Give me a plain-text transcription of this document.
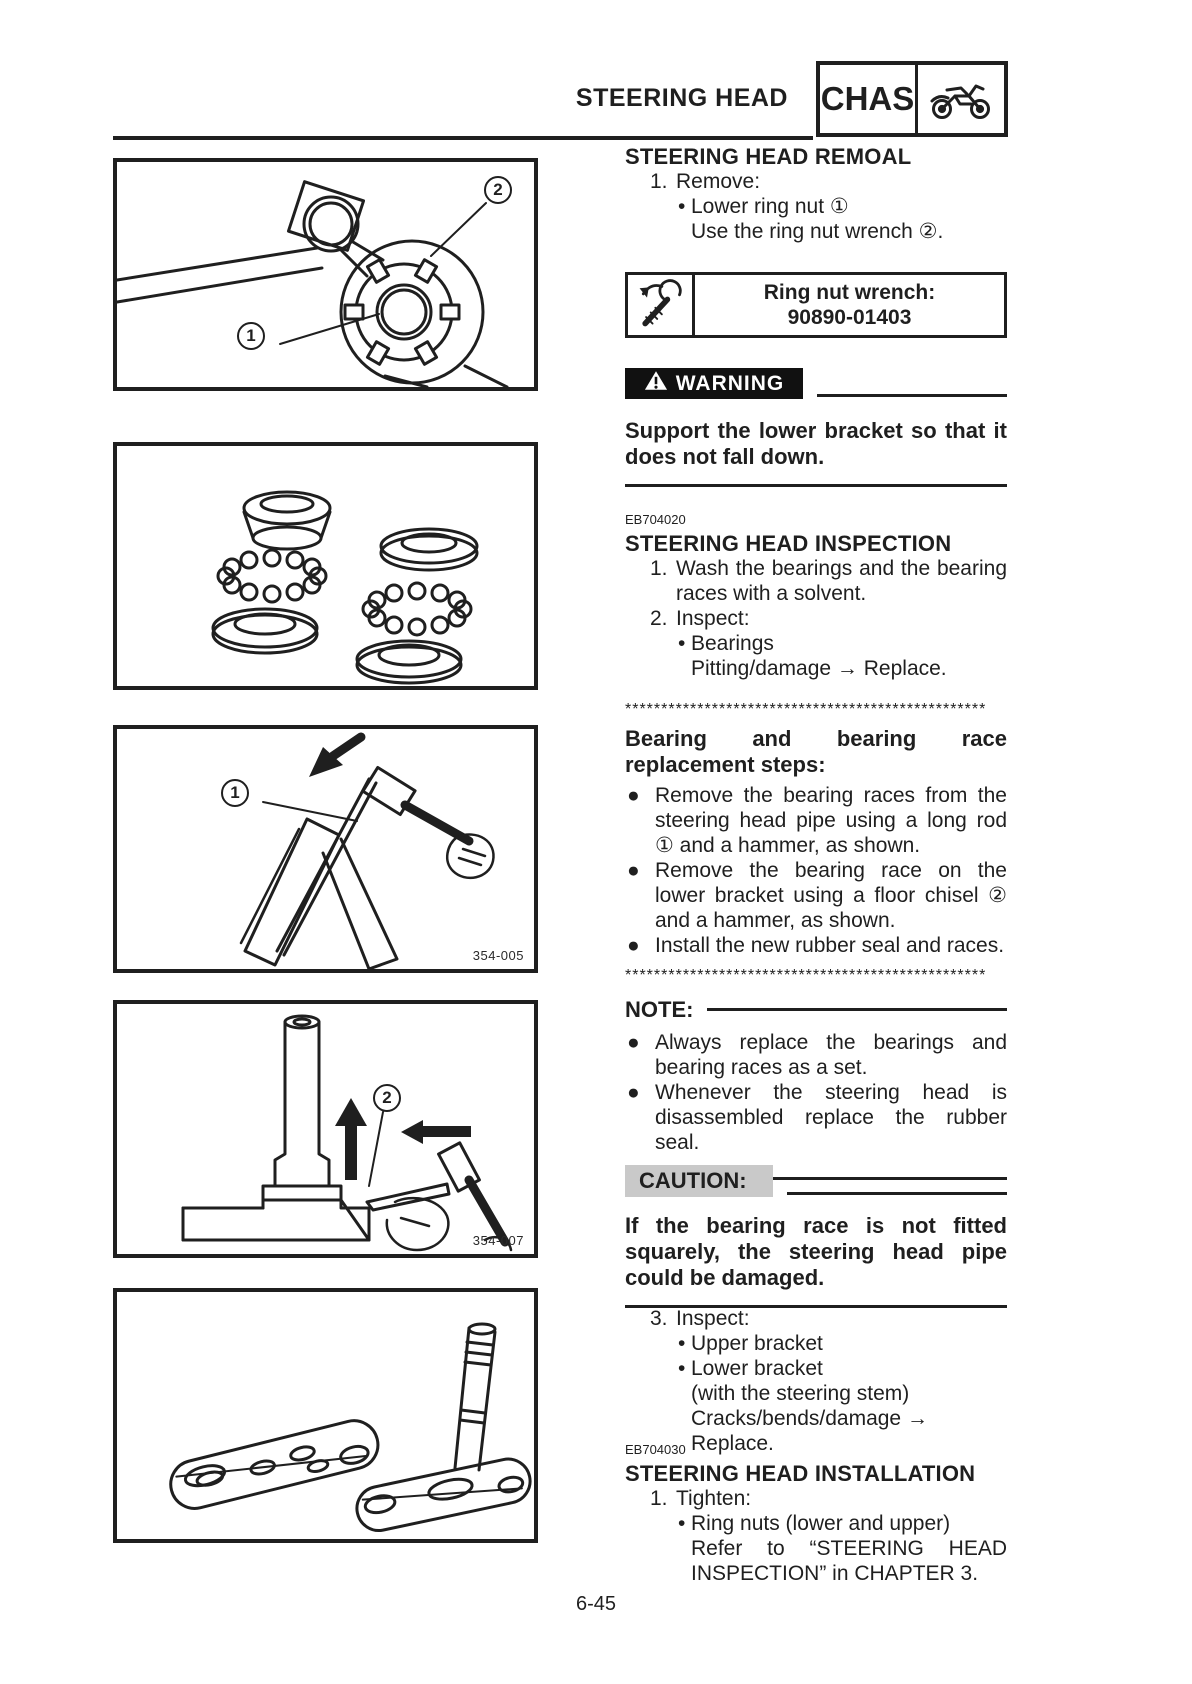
STEERING HEAD CHAS
2
1
1
354-005
2
354-007
STEERING HEAD REMOAL
1. Remove:
• Lower ring nut ①
Use the ring nut wrench ②.
Ring nut wrench:
90890-01403
WARNING
Support the lower bracket so that it does not fall down.
EB704020
STEERING HEAD INSPECTION
1. Wash the bearings and the bearing races with a solvent.
2. Inspect:
• Bearings
Pitting/damage → Replace.
**************************************************
Bearing and bearing race replacement steps:
● Remove the bearing races from the steering head pipe using a long rod ① and a hammer, as shown.
● Remove the bearing race on the lower bracket using a floor chisel ② and a hammer, as shown.
● Install the new rubber seal and races.
**************************************************
NOTE:
● Always replace the bearings and bearing races as a set.
● Whenever the steering head is disassembled replace the rubber seal.
CAUTION:
If the bearing race is not fitted squarely, the steering head pipe could be damaged.
3. Inspect:
• Upper bracket
• Lower bracket
(with the steering stem)
Cracks/bends/damage → Replace.
EB704030
STEERING HEAD INSTALLATION
1. Tighten:
• Ring nuts (lower and upper)
Refer to “STEERING HEAD INSPECTION” in CHAPTER 3.
6-45
